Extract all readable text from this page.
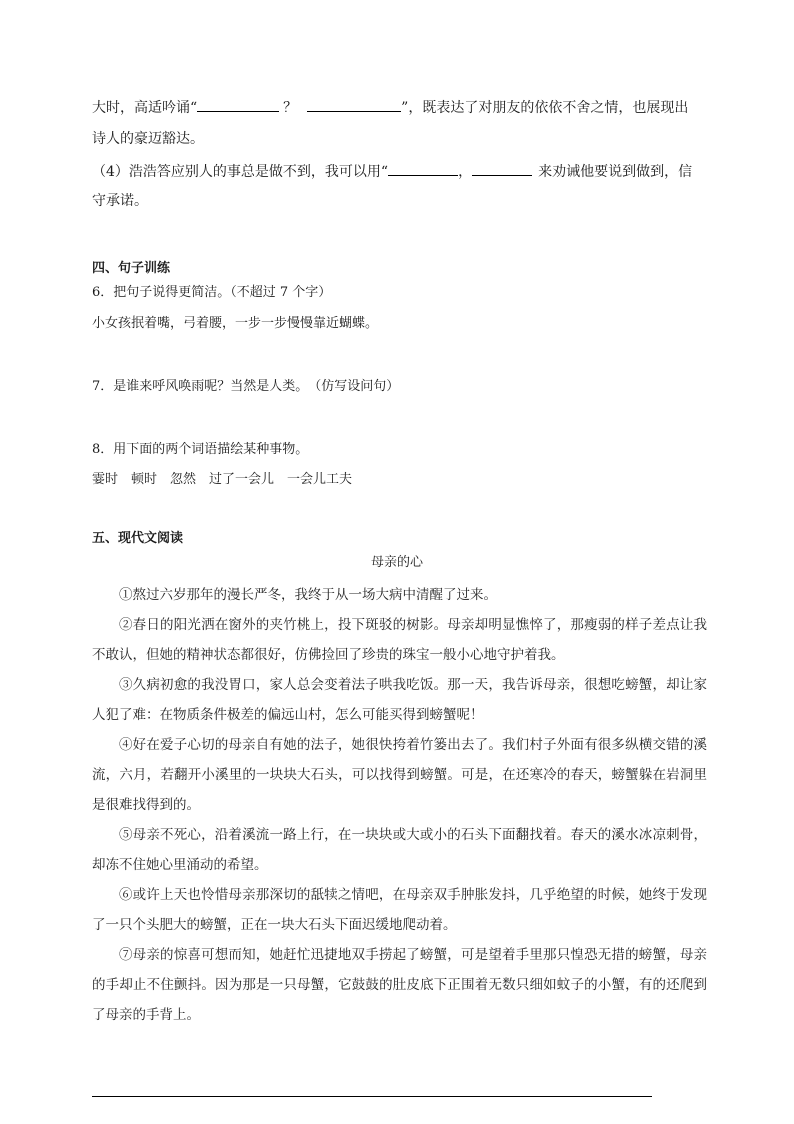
大时，高适吟诵“	？	”，既表达了对朋友的依依不舍之情，也展现出
诗人的豪迈豁达。
（4）浩浩答应别人的事总是做不到，我可以用“	，	来劝诫他要说到做到，信
守承诺。
四、句子训练
6．把句子说得更简洁。（不超过 7 个字）
小女孩抿着嘴，弓着腰，一步一步慢慢靠近蝴蝶。
7．是谁来呼风唤雨呢？当然是人类。　（仿写设问句）
8．用下面的两个词语描绘某种事物。
霎时　顿时　忽然　过了一会儿　一会儿工夫
五、现代文阅读
母亲的心

①熬过六岁那年的漫长严冬，我终于从一场大病中清醒了过来。

②春日的阳光洒在窗外的夹竹桃上，投下斑驳的树影。母亲却明显憔悴了，那瘦弱的样子差点让我不敢认，但她的精神状态都很好，仿佛捡回了珍贵的珠宝一般小心地守护着我。

③久病初愈的我没胃口，家人总会变着法子哄我吃饭。那一天，我告诉母亲，很想吃螃蟹，却让家人犯了难：在物质条件极差的偏远山村，怎么可能买得到螃蟹呢！

④好在爱子心切的母亲自有她的法子，她很快挎着竹篓出去了。我们村子外面有很多纵横交错的溪流，六月，若翻开小溪里的一块块大石头，可以找得到螃蟹。可是，在还寒冷的春天，螃蟹躲在岩洞里是很难找得到的。

⑤母亲不死心，沿着溪流一路上行，在一块块或大或小的石头下面翻找着。春天的溪水冰凉刺骨，却冻不住她心里涌动的希望。

⑥或许上天也怜惜母亲那深切的舐犊之情吧，在母亲双手肿胀发抖，几乎绝望的时候，她终于发现了一只个头肥大的螃蟹，正在一块大石头下面迟缓地爬动着。

⑦母亲的惊喜可想而知，她赶忙迅捷地双手捞起了螃蟹，可是望着手里那只惶恐无措的螃蟹，母亲的手却止不住颤抖。因为那是一只母蟹，它鼓鼓的肚皮底下正围着无数只细如蚊子的小蟹，有的还爬到了母亲的手背上。
